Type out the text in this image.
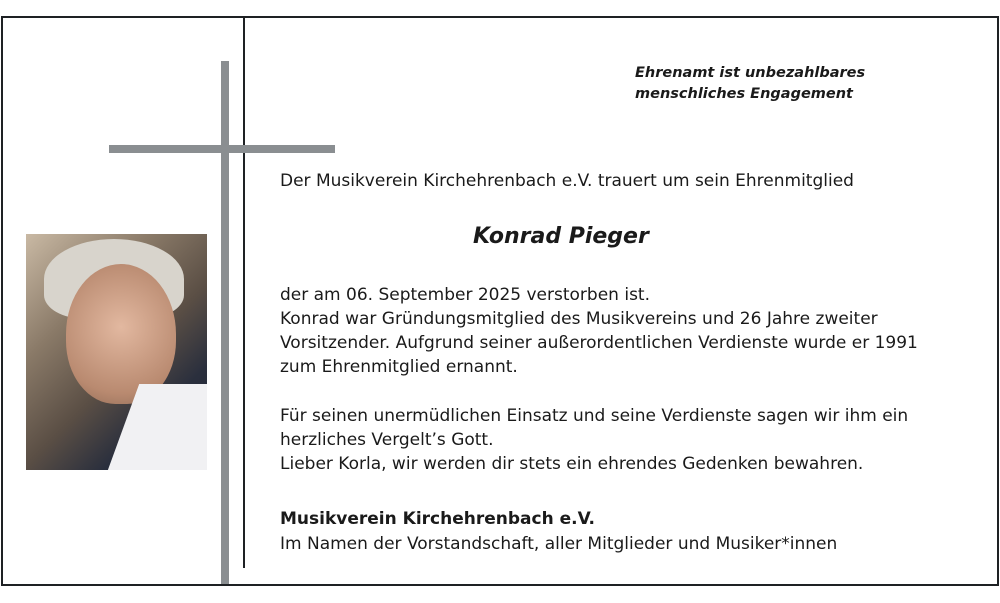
Ehrenamt ist unbezahlbares
menschliches Engagement
Der Musikverein Kirchehrenbach e.V. trauert um sein Ehrenmitglied
Konrad Pieger
der am 06. September 2025 verstorben ist.
Konrad war Gründungsmitglied des Musikvereins und 26 Jahre zweiter
Vorsitzender. Aufgrund seiner außerordentlichen Verdienste wurde er 1991
zum Ehrenmitglied ernannt.
Für seinen unermüdlichen Einsatz und seine Verdienste sagen wir ihm ein
herzliches Vergelt’s Gott.
Lieber Korla, wir werden dir stets ein ehrendes Gedenken bewahren.
Musikverein Kirchehrenbach e.V.
Im Namen der Vorstandschaft, aller Mitglieder und Musiker*innen
